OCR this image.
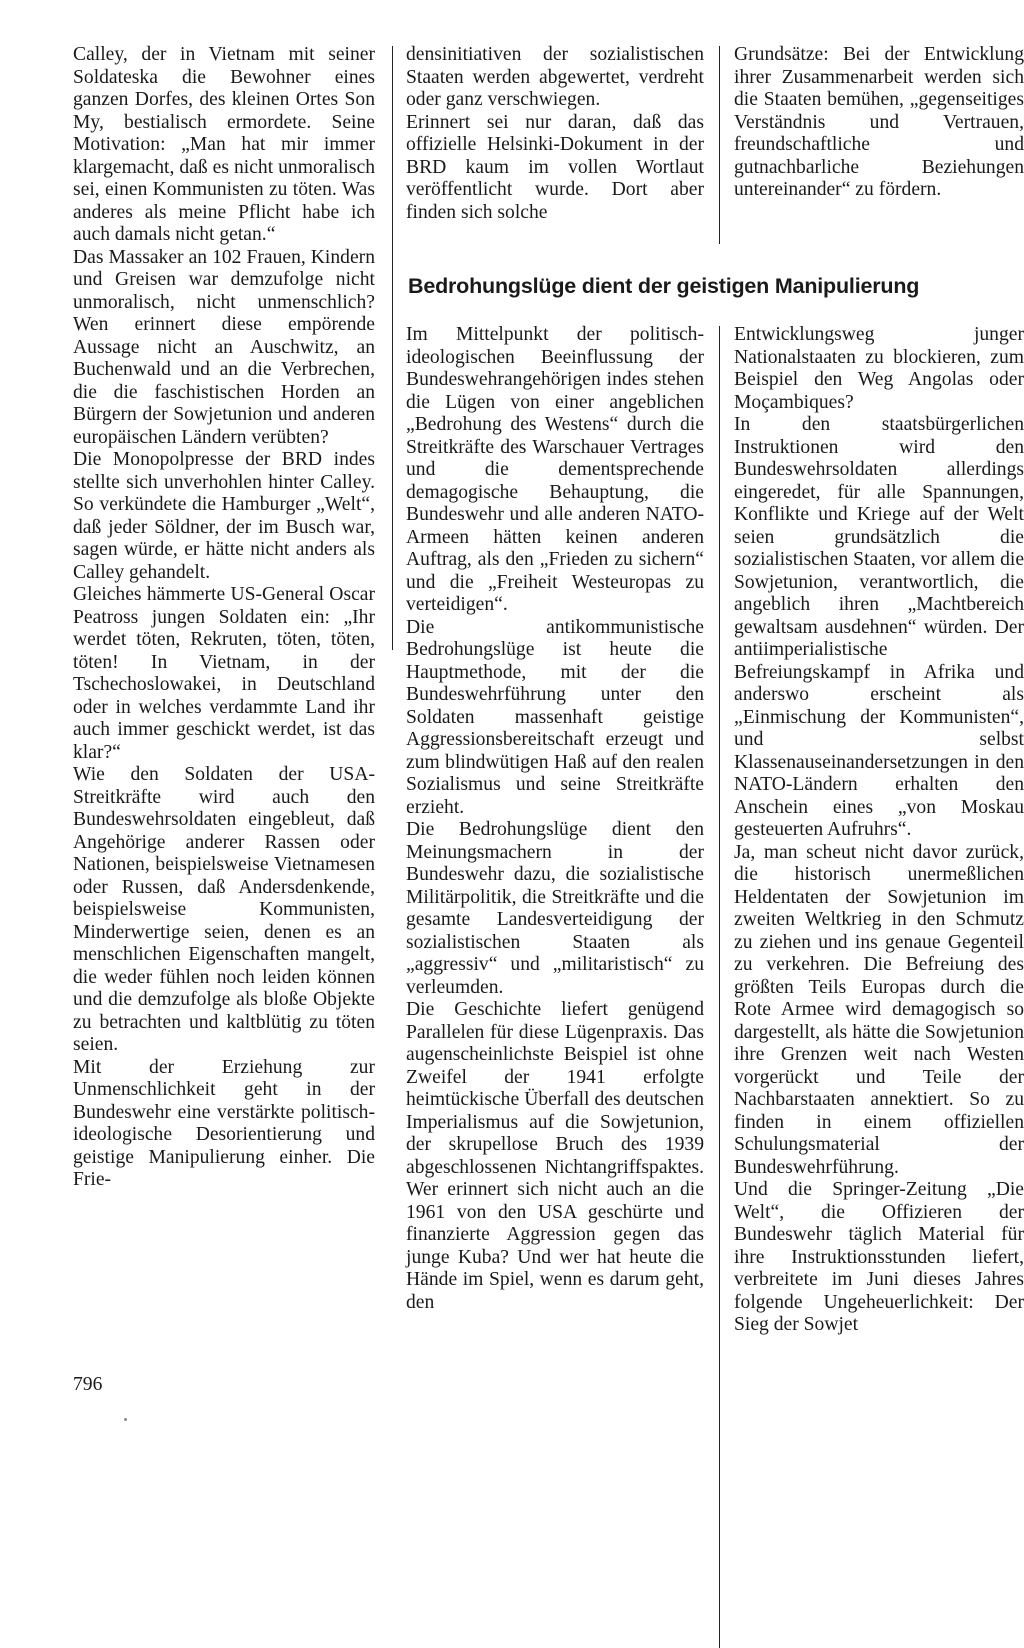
Calley, der in Vietnam mit seiner Soldateska die Bewohner eines ganzen Dorfes, des kleinen Ortes Son My, bestialisch ermordete. Seine Motivation: „Man hat mir immer klargemacht, daß es nicht unmoralisch sei, einen Kommunisten zu töten. Was anderes als meine Pflicht habe ich auch damals nicht getan.“

Das Massaker an 102 Frauen, Kindern und Greisen war demzufolge nicht unmoralisch, nicht unmenschlich? Wen erinnert diese empörende Aussage nicht an Auschwitz, an Buchenwald und an die Verbrechen, die die faschistischen Horden an Bürgern der Sowjetunion und anderen europäischen Ländern verübten?

Die Monopolpresse der BRD indes stellte sich unverhohlen hinter Calley. So verkündete die Hamburger „Welt“, daß jeder Söldner, der im Busch war, sagen würde, er hätte nicht anders als Calley gehandelt.

Gleiches hämmerte US-General Oscar Peatross jungen Soldaten ein: „Ihr werdet töten, Rekruten, töten, töten, töten! In Vietnam, in der Tschechoslowakei, in Deutschland oder in welches verdammte Land ihr auch immer geschickt werdet, ist das klar?“

Wie den Soldaten der USA-Streitkräfte wird auch den Bundeswehrsoldaten eingebleut, daß Angehörige anderer Rassen oder Nationen, beispielsweise Vietnamesen oder Russen, daß Andersdenkende, beispielsweise Kommunisten, Minderwertige seien, denen es an menschlichen Eigenschaften mangelt, die weder fühlen noch leiden können und die demzufolge als bloße Objekte zu betrachten und kaltblütig zu töten seien.

Mit der Erziehung zur Unmenschlichkeit geht in der Bundeswehr eine verstärkte politisch-ideologische Desorientierung und geistige Manipulierung einher. Die Frie-

densinitiativen der sozialistischen Staaten werden abgewertet, verdreht oder ganz verschwiegen.

Erinnert sei nur daran, daß das offizielle Helsinki-Dokument in der BRD kaum im vollen Wortlaut veröffentlicht wurde. Dort aber finden sich solche

Grundsätze: Bei der Entwicklung ihrer Zusammenarbeit werden sich die Staaten bemühen, „gegenseitiges Verständnis und Vertrauen, freundschaftliche und gutnachbarliche Beziehungen untereinander“ zu fördern.

Bedrohungslüge dient der geistigen Manipulierung

Im Mittelpunkt der politisch-ideologischen Beeinflussung der Bundeswehrangehörigen indes stehen die Lügen von einer angeblichen „Bedrohung des Westens“ durch die Streitkräfte des Warschauer Vertrages und die dementsprechende demagogische Behauptung, die Bundeswehr und alle anderen NATO-Armeen hätten keinen anderen Auftrag, als den „Frieden zu sichern“ und die „Freiheit Westeuropas zu verteidigen“.

Die antikommunistische Bedrohungslüge ist heute die Hauptmethode, mit der die Bundeswehrführung unter den Soldaten massenhaft geistige Aggressionsbereitschaft erzeugt und zum blindwütigen Haß auf den realen Sozialismus und seine Streitkräfte erzieht.

Die Bedrohungslüge dient den Meinungsmachern in der Bundeswehr dazu, die sozialistische Militärpolitik, die Streitkräfte und die gesamte Landesverteidigung der sozialistischen Staaten als „aggressiv“ und „militaristisch“ zu verleumden.

Die Geschichte liefert genügend Parallelen für diese Lügenpraxis. Das augenscheinlichste Beispiel ist ohne Zweifel der 1941 erfolgte heimtückische Überfall des deutschen Imperialismus auf die Sowjetunion, der skrupellose Bruch des 1939 abgeschlossenen Nichtangriffspaktes. Wer erinnert sich nicht auch an die 1961 von den USA geschürte und finanzierte Aggression gegen das junge Kuba? Und wer hat heute die Hände im Spiel, wenn es darum geht, den

Entwicklungsweg junger Nationalstaaten zu blockieren, zum Beispiel den Weg Angolas oder Moçambiques?

In den staatsbürgerlichen Instruktionen wird den Bundeswehrsoldaten allerdings eingeredet, für alle Spannungen, Konflikte und Kriege auf der Welt seien grundsätzlich die sozialistischen Staaten, vor allem die Sowjetunion, verantwortlich, die angeblich ihren „Machtbereich gewaltsam ausdehnen“ würden. Der antiimperialistische Befreiungskampf in Afrika und anderswo erscheint als „Einmischung der Kommunisten“, und selbst Klassenauseinandersetzungen in den NATO-Ländern erhalten den Anschein eines „von Moskau gesteuerten Aufruhrs“.

Ja, man scheut nicht davor zurück, die historisch unermeßlichen Heldentaten der Sowjetunion im zweiten Weltkrieg in den Schmutz zu ziehen und ins genaue Gegenteil zu verkehren. Die Befreiung des größten Teils Europas durch die Rote Armee wird demagogisch so dargestellt, als hätte die Sowjetunion ihre Grenzen weit nach Westen vorgerückt und Teile der Nachbarstaaten annektiert. So zu finden in einem offiziellen Schulungsmaterial der Bundeswehrführung.

Und die Springer-Zeitung „Die Welt“, die Offizieren der Bundeswehr täglich Material für ihre Instruktionsstunden liefert, verbreitete im Juni dieses Jahres folgende Ungeheuerlichkeit: Der Sieg der Sowjet

796
